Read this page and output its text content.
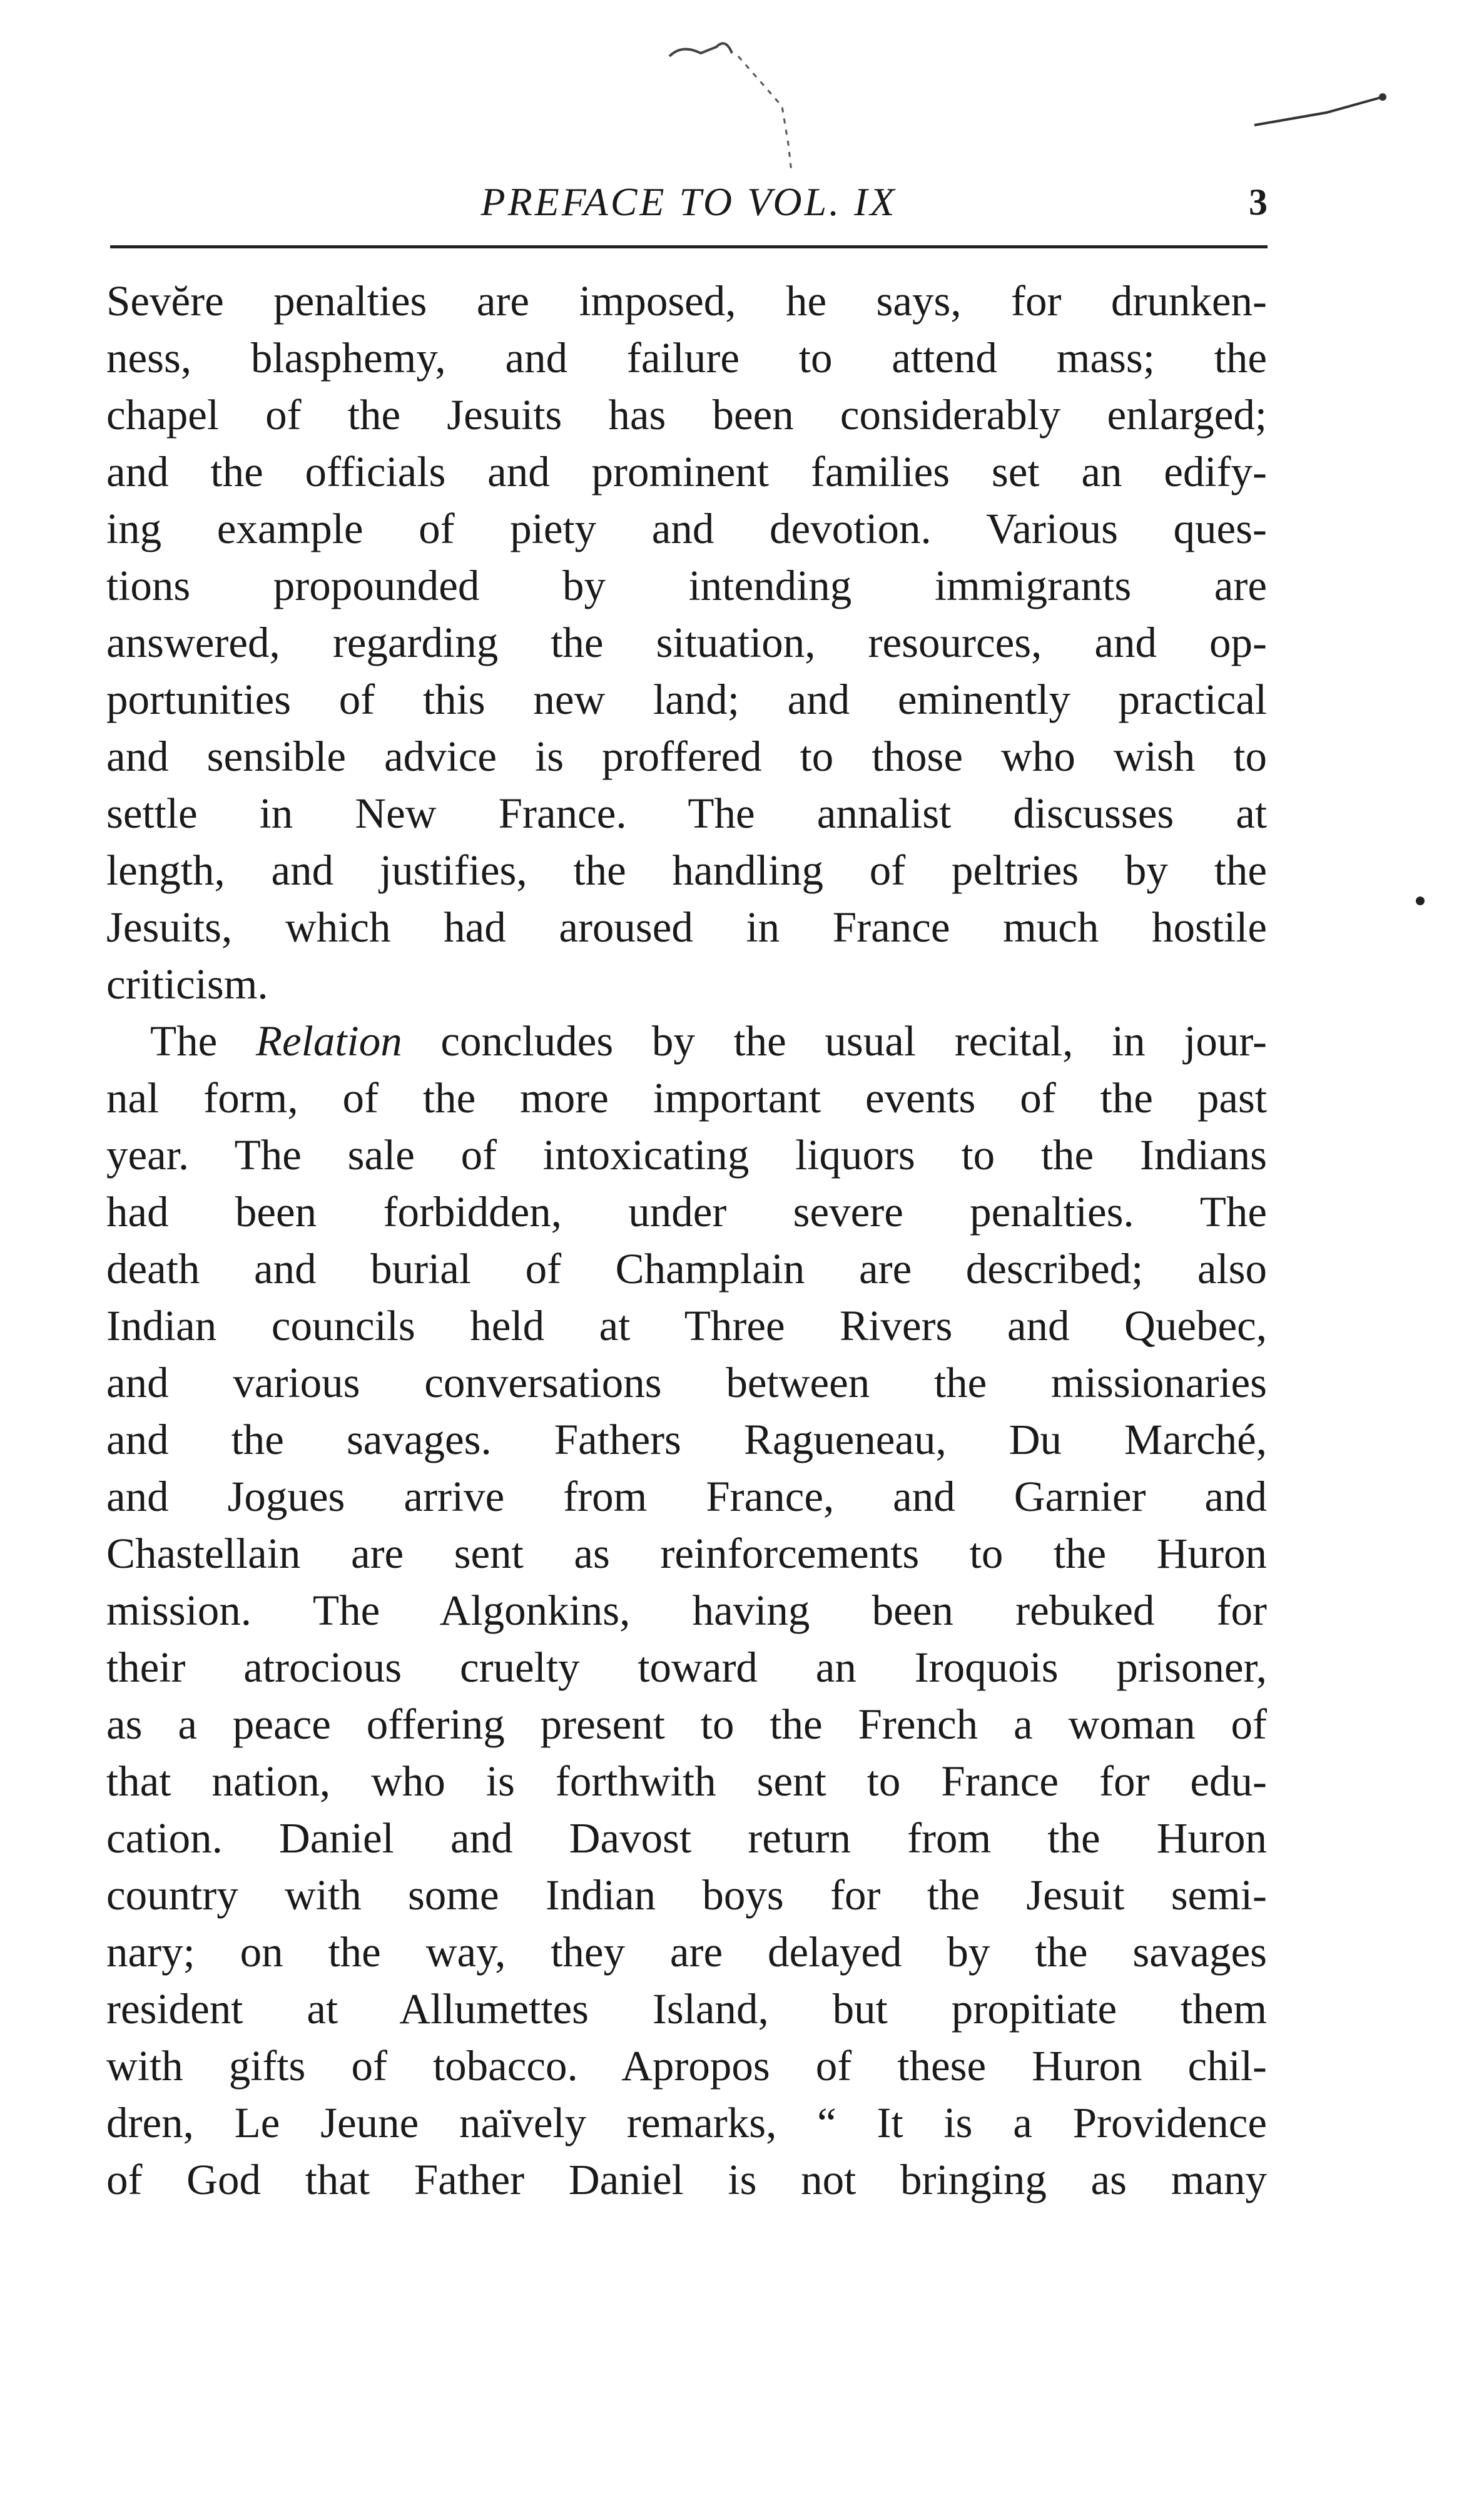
PREFACE TO VOL. IX	3
Sevĕre penalties are imposed, he says, for drunken-
ness, blasphemy, and failure to attend mass; the
chapel of the Jesuits has been considerably enlarged;
and the officials and prominent families set an edify-
ing example of piety and devotion. Various ques-
tions propounded by intending immigrants are
answered, regarding the situation, resources, and op-
portunities of this new land; and eminently practical
and sensible advice is proffered to those who wish to
settle in New France. The annalist discusses at
length, and justifies, the handling of peltries by the
Jesuits, which had aroused in France much hostile
criticism.
The Relation concludes by the usual recital, in jour-
nal form, of the more important events of the past
year. The sale of intoxicating liquors to the Indians
had been forbidden, under severe penalties. The
death and burial of Champlain are described; also
Indian councils held at Three Rivers and Quebec,
and various conversations between the missionaries
and the savages. Fathers Ragueneau, Du Marché,
and Jogues arrive from France, and Garnier and
Chastellain are sent as reinforcements to the Huron
mission. The Algonkins, having been rebuked for
their atrocious cruelty toward an Iroquois prisoner,
as a peace offering present to the French a woman of
that nation, who is forthwith sent to France for edu-
cation. Daniel and Davost return from the Huron
country with some Indian boys for the Jesuit semi-
nary; on the way, they are delayed by the savages
resident at Allumettes Island, but propitiate them
with gifts of tobacco. Apropos of these Huron chil-
dren, Le Jeune naïvely remarks, “ It is a Providence
of God that Father Daniel is not bringing as many
